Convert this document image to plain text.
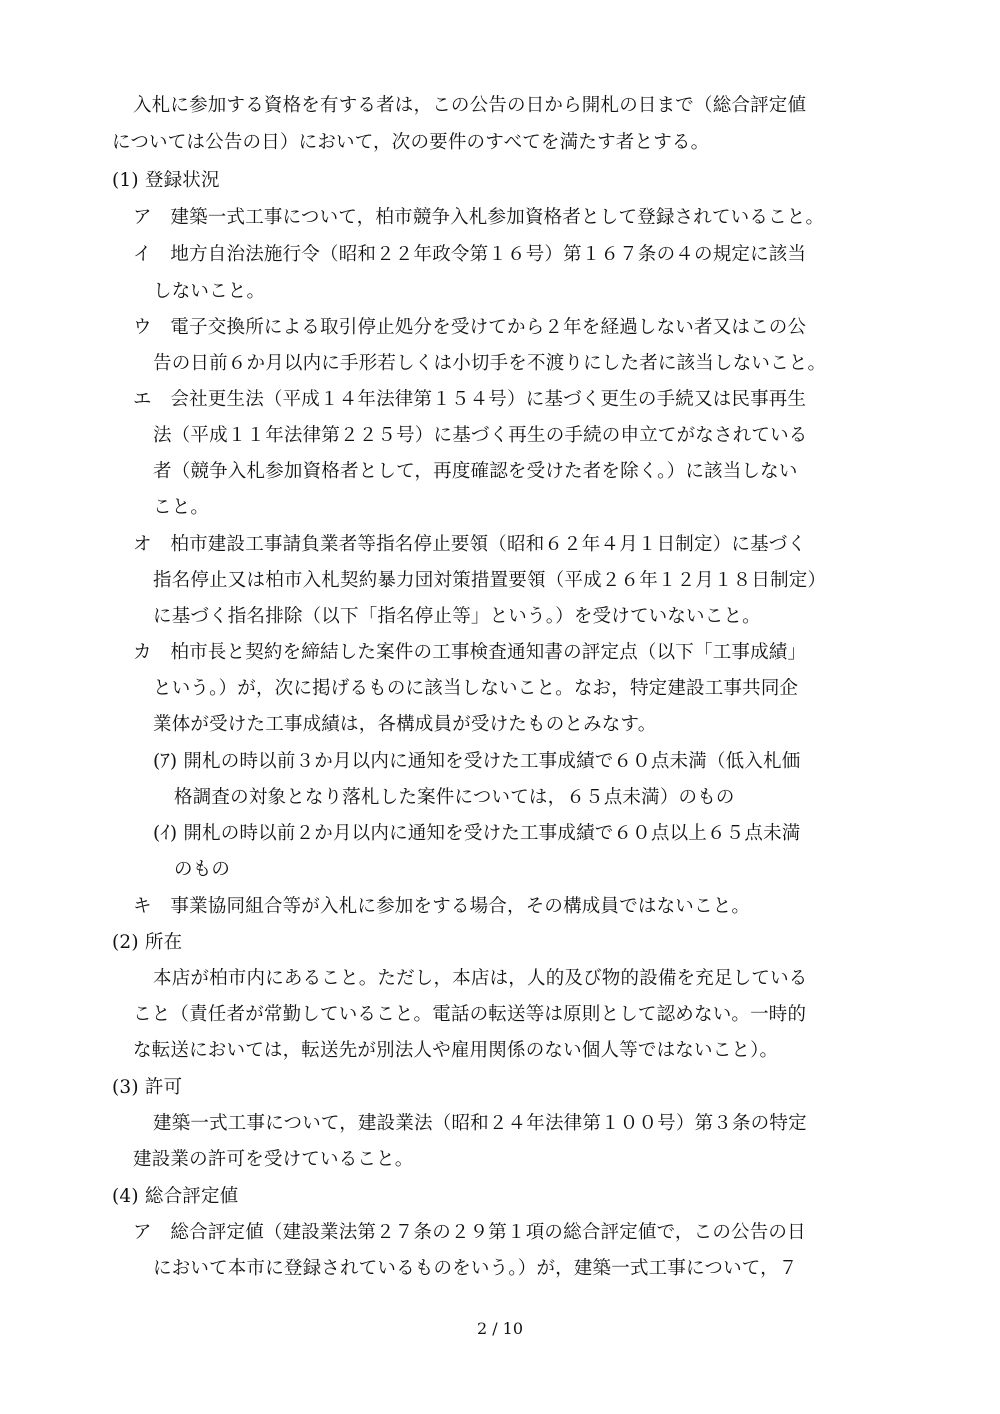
入札に参加する資格を有する者は，この公告の日から開札の日まで（総合評定値

については公告の日）において，次の要件のすべてを満たす者とする。

(1) 登録状況

ア　建築一式工事について，柏市競争入札参加資格者として登録されていること。

イ　地方自治法施行令（昭和２２年政令第１６号）第１６７条の４の規定に該当

しないこと。

ウ　電子交換所による取引停止処分を受けてから２年を経過しない者又はこの公

告の日前６か月以内に手形若しくは小切手を不渡りにした者に該当しないこと。

エ　会社更生法（平成１４年法律第１５４号）に基づく更生の手続又は民事再生

法（平成１１年法律第２２５号）に基づく再生の手続の申立てがなされている

者（競争入札参加資格者として，再度確認を受けた者を除く。）に該当しない

こと。

オ　柏市建設工事請負業者等指名停止要領（昭和６２年４月１日制定）に基づく

指名停止又は柏市入札契約暴力団対策措置要領（平成２６年１２月１８日制定）

に基づく指名排除（以下「指名停止等」という。）を受けていないこと。

カ　柏市長と契約を締結した案件の工事検査通知書の評定点（以下「工事成績」

という。）が，次に掲げるものに該当しないこと。なお，特定建設工事共同企

業体が受けた工事成績は，各構成員が受けたものとみなす。

(ｱ) 開札の時以前３か月以内に通知を受けた工事成績で６０点未満（低入札価

格調査の対象となり落札した案件については，６５点未満）のもの

(ｲ) 開札の時以前２か月以内に通知を受けた工事成績で６０点以上６５点未満

のもの

キ　事業協同組合等が入札に参加をする場合，その構成員ではないこと。

(2) 所在

本店が柏市内にあること。ただし，本店は，人的及び物的設備を充足している

こと（責任者が常勤していること。電話の転送等は原則として認めない。一時的

な転送においては，転送先が別法人や雇用関係のない個人等ではないこと）。

(3) 許可

建築一式工事について，建設業法（昭和２４年法律第１００号）第３条の特定

建設業の許可を受けていること。

(4) 総合評定値

ア　総合評定値（建設業法第２７条の２９第１項の総合評定値で，この公告の日

において本市に登録されているものをいう。）が，建築一式工事について，７

2 / 10
